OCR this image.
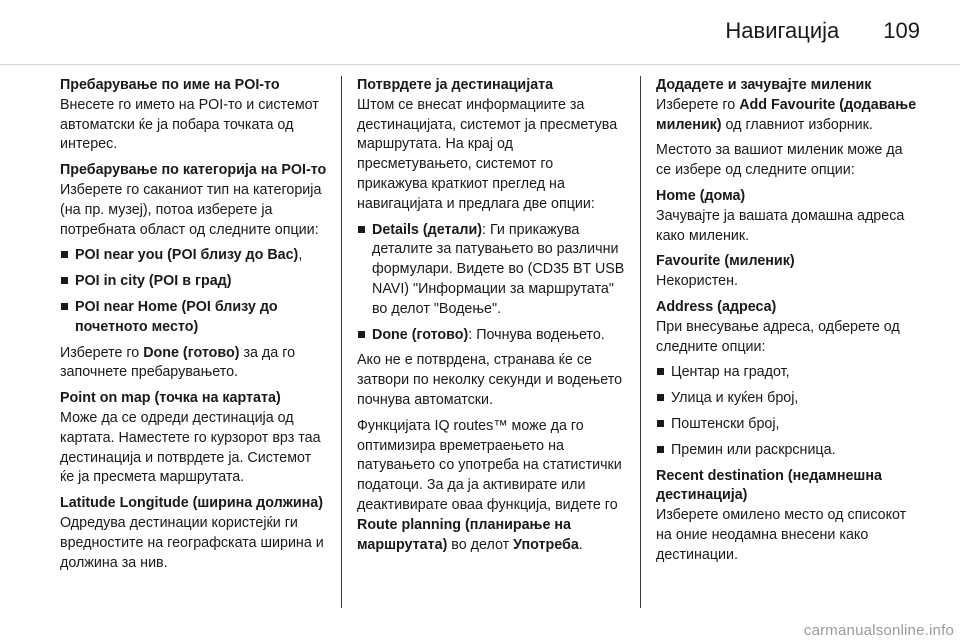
Навигација 109
Пребарување по име на POI-то
Внесете го името на POI-то и системот автоматски ќе ја побара точката од интерес.
Пребарување по категорија на POI-то

Изберете го саканиот тип на категорија (на пр. музеј), потоа изберете ја потребната област од следните опции:

POI near you (POI близу до Вас),
POI in city (POI в град)
POI near Home (POI близу до почетното место)

Изберете го Done (готово) за да го започнете пребарувањето.

Point on map (точка на картата)
Може да се одреди дестинација од картата. Наместете го курзорот врз таа дестинација и потврдете ја. Системот ќе ја пресмета маршрутата.
Latitude Longitude (ширина должина)
Одредува дестинации користејќи ги вредностите на географската ширина и должина за нив.
Потврдете ја дестинацијата

Штом се внесат информациите за дестинацијата, системот ја пресметува маршрутата. На крај од пресметувањето, системот го прикажува краткиот преглед на навигацијата и предлага две опции:

Details (детали): Ги прикажува деталите за патувањето во различни формулари. Видете во (CD35 BT USB NAVI) "Информации за маршрутата" во делот "Водење".
Done (готово): Почнува водењето.

Ако не е потврдена, странава ќе се затвори по неколку секунди и водењето почнува автоматски.

Функцијата IQ routes™ може да го оптимизира времетраењето на патувањето со употреба на статистички податоци. За да ја активирате или деактивирате оваа функција, видете го Route planning (планирање на маршрутата) во делот Употреба.

Додадете и зачувајте миленик

Изберете го Add Favourite (додавање миленик) од главниот изборник.

Местото за вашиот миленик може да се избере од следните опции:

Home (дома)
Зачувајте ја вашата домашна адреса како миленик.
Favourite (миленик)
Некористен.
Address (адреса)

При внесување адреса, одберете од следните опции:

Центар на градот,
Улица и куќен број,
Поштенски број,
Премин или раскрсница.
Recent destination (недамнешна дестинација)
Изберете омилено место од списокот на оние неодамна внесени како дестинации.
carmanualsonline.info
